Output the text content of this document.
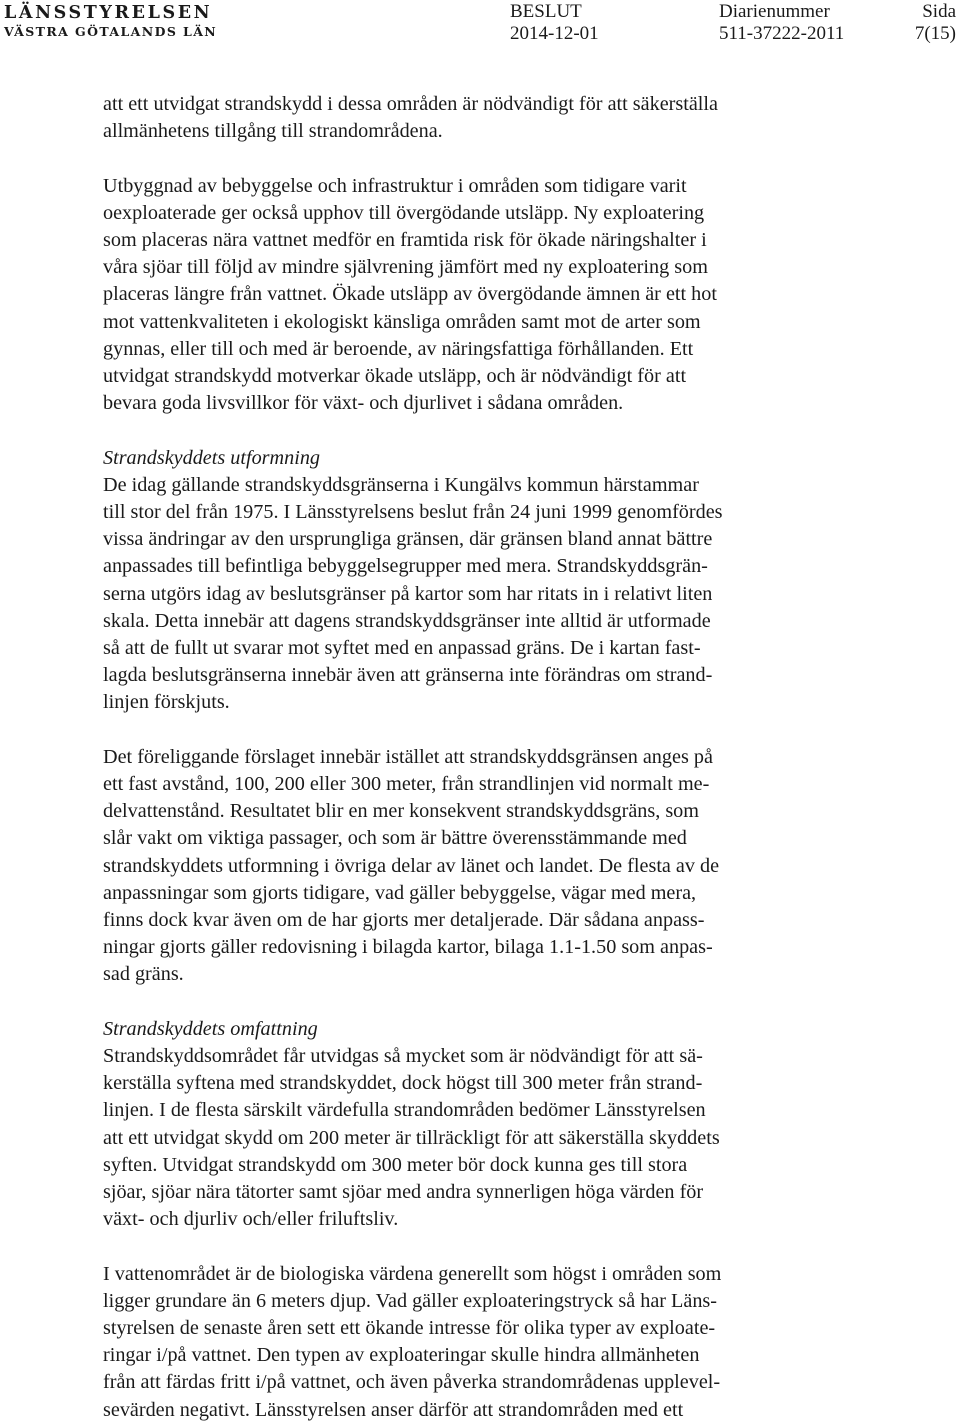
LÄNSSTYRELSEN
VÄSTRA GÖTALANDS LÄN
BESLUT
2014-12-01
Diarienummer
511-37222-2011
Sida
7(15)

att ett utvidgat strandskydd i dessa områden är nödvändigt för att säkerställa
allmänhetens tillgång till strandområdena.

Utbyggnad av bebyggelse och infrastruktur i områden som tidigare varit
oexploaterade ger också upphov till övergödande utsläpp. Ny exploatering
som placeras nära vattnet medför en framtida risk för ökade näringshalter i
våra sjöar till följd av mindre självrening jämfört med ny exploatering som
placeras längre från vattnet. Ökade utsläpp av övergödande ämnen är ett hot
mot vattenkvaliteten i ekologiskt känsliga områden samt mot de arter som
gynnas, eller till och med är beroende, av näringsfattiga förhållanden. Ett
utvidgat strandskydd motverkar ökade utsläpp, och är nödvändigt för att
bevara goda livsvillkor för växt- och djurlivet i sådana områden.

Strandskyddets utformning
De idag gällande strandskyddsgränserna i Kungälvs kommun härstammar
till stor del från 1975. I Länsstyrelsens beslut från 24 juni 1999 genomfördes
vissa ändringar av den ursprungliga gränsen, där gränsen bland annat bättre
anpassades till befintliga bebyggelsegrupper med mera. Strandskyddsgrän-
serna utgörs idag av beslutsgränser på kartor som har ritats in i relativt liten
skala. Detta innebär att dagens strandskyddsgränser inte alltid är utformade
så att de fullt ut svarar mot syftet med en anpassad gräns. De i kartan fast-
lagda beslutsgränserna innebär även att gränserna inte förändras om strand-
linjen förskjuts.

Det föreliggande förslaget innebär istället att strandskyddsgränsen anges på
ett fast avstånd, 100, 200 eller 300 meter, från strandlinjen vid normalt me-
delvattenstånd. Resultatet blir en mer konsekvent strandskyddsgräns, som
slår vakt om viktiga passager, och som är bättre överensstämmande med
strandskyddets utformning i övriga delar av länet och landet. De flesta av de
anpassningar som gjorts tidigare, vad gäller bebyggelse, vägar med mera,
finns dock kvar även om de har gjorts mer detaljerade. Där sådana anpass-
ningar gjorts gäller redovisning i bilagda kartor, bilaga 1.1-1.50 som anpas-
sad gräns.

Strandskyddets omfattning
Strandskyddsområdet får utvidgas så mycket som är nödvändigt för att sä-
kerställa syftena med strandskyddet, dock högst till 300 meter från strand-
linjen. I de flesta särskilt värdefulla strandområden bedömer Länsstyrelsen
att ett utvidgat skydd om 200 meter är tillräckligt för att säkerställa skyddets
syften. Utvidgat strandskydd om 300 meter bör dock kunna ges till stora
sjöar, sjöar nära tätorter samt sjöar med andra synnerligen höga värden för
växt- och djurliv och/eller friluftsliv.

I vattenområdet är de biologiska värdena generellt som högst i områden som
ligger grundare än 6 meters djup. Vad gäller exploateringstryck så har Läns-
styrelsen de senaste åren sett ett ökande intresse för olika typer av exploate-
ringar i/på vattnet. Den typen av exploateringar skulle hindra allmänheten
från att färdas fritt i/på vattnet, och även påverka strandområdenas upplevel-
sevärden negativt. Länsstyrelsen anser därför att strandområden med ett
